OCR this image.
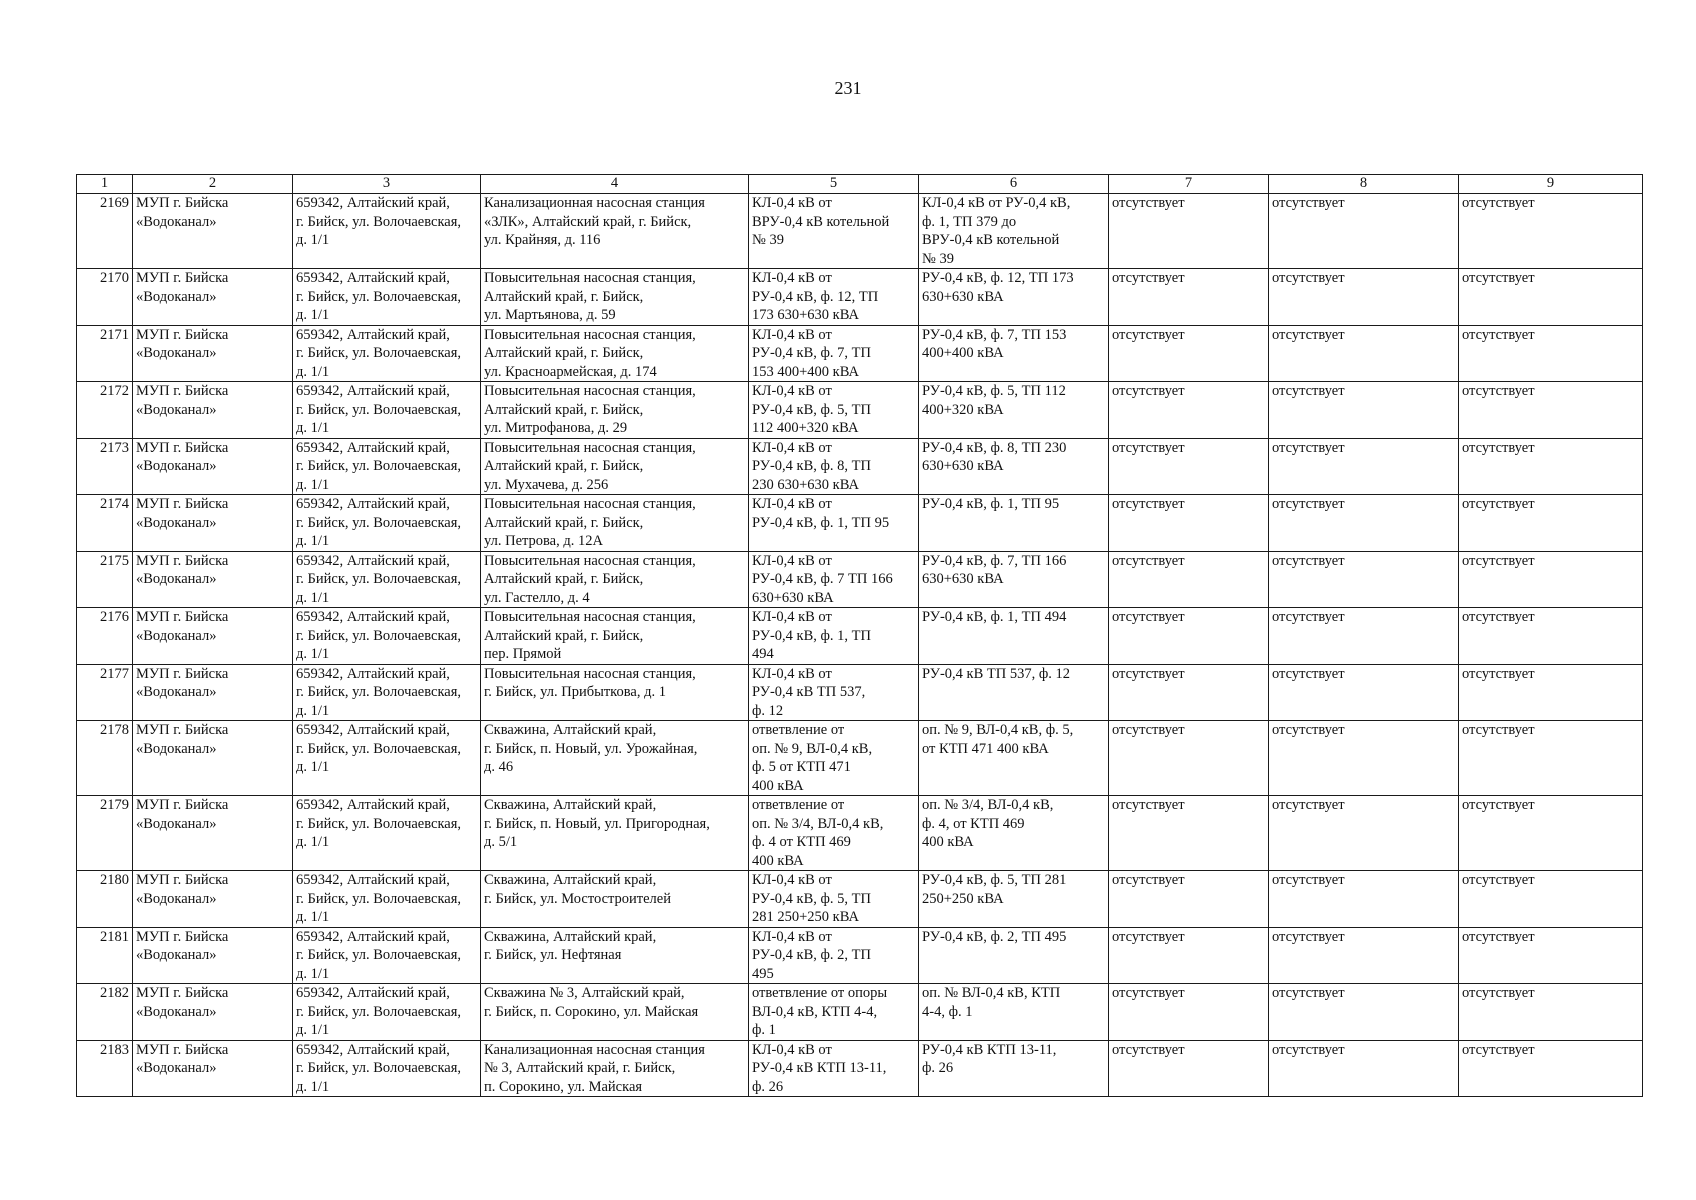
231
1	2	3	4	5	6	7	8	9
2169	МУП г. Бийска
«Водоканал»	659342, Алтайский край,
г. Бийск, ул. Волочаевская,
д. 1/1	Канализационная насосная станция
«ЗЛК», Алтайский край, г. Бийск,
ул. Крайняя, д. 116	КЛ-0,4 кВ от
ВРУ-0,4 кВ котельной
№ 39	КЛ-0,4 кВ от РУ-0,4 кВ,
ф. 1, ТП 379 до
ВРУ-0,4 кВ котельной
№ 39	отсутствует	отсутствует	отсутствует
2170	МУП г. Бийска
«Водоканал»	659342, Алтайский край,
г. Бийск, ул. Волочаевская,
д. 1/1	Повысительная насосная станция,
Алтайский край, г. Бийск,
ул. Мартьянова, д. 59	КЛ-0,4 кВ от
РУ-0,4 кВ, ф. 12, ТП
173 630+630 кВА	РУ-0,4 кВ, ф. 12, ТП 173
630+630 кВА	отсутствует	отсутствует	отсутствует
2171	МУП г. Бийска
«Водоканал»	659342, Алтайский край,
г. Бийск, ул. Волочаевская,
д. 1/1	Повысительная насосная станция,
Алтайский край, г. Бийск,
ул. Красноармейская, д. 174	КЛ-0,4 кВ от
РУ-0,4 кВ, ф. 7, ТП
153 400+400 кВА	РУ-0,4 кВ, ф. 7, ТП 153
400+400 кВА	отсутствует	отсутствует	отсутствует
2172	МУП г. Бийска
«Водоканал»	659342, Алтайский край,
г. Бийск, ул. Волочаевская,
д. 1/1	Повысительная насосная станция,
Алтайский край, г. Бийск,
ул. Митрофанова, д. 29	КЛ-0,4 кВ от
РУ-0,4 кВ, ф. 5, ТП
112 400+320 кВА	РУ-0,4 кВ, ф. 5, ТП 112
400+320 кВА	отсутствует	отсутствует	отсутствует
2173	МУП г. Бийска
«Водоканал»	659342, Алтайский край,
г. Бийск, ул. Волочаевская,
д. 1/1	Повысительная насосная станция,
Алтайский край, г. Бийск,
ул. Мухачева, д. 256	КЛ-0,4 кВ от
РУ-0,4 кВ, ф. 8, ТП
230 630+630 кВА	РУ-0,4 кВ, ф. 8, ТП 230
630+630 кВА	отсутствует	отсутствует	отсутствует
2174	МУП г. Бийска
«Водоканал»	659342, Алтайский край,
г. Бийск, ул. Волочаевская,
д. 1/1	Повысительная насосная станция,
Алтайский край, г. Бийск,
ул. Петрова, д. 12А	КЛ-0,4 кВ от
РУ-0,4 кВ, ф. 1, ТП 95	РУ-0,4 кВ, ф. 1, ТП 95	отсутствует	отсутствует	отсутствует
2175	МУП г. Бийска
«Водоканал»	659342, Алтайский край,
г. Бийск, ул. Волочаевская,
д. 1/1	Повысительная насосная станция,
Алтайский край, г. Бийск,
ул. Гастелло, д. 4	КЛ-0,4 кВ от
РУ-0,4 кВ, ф. 7 ТП 166
630+630 кВА	РУ-0,4 кВ, ф. 7, ТП 166
630+630 кВА	отсутствует	отсутствует	отсутствует
2176	МУП г. Бийска
«Водоканал»	659342, Алтайский край,
г. Бийск, ул. Волочаевская,
д. 1/1	Повысительная насосная станция,
Алтайский край, г. Бийск,
пер. Прямой	КЛ-0,4 кВ от
РУ-0,4 кВ, ф. 1, ТП
494	РУ-0,4 кВ, ф. 1, ТП 494	отсутствует	отсутствует	отсутствует
2177	МУП г. Бийска
«Водоканал»	659342, Алтайский край,
г. Бийск, ул. Волочаевская,
д. 1/1	Повысительная насосная станция,
г. Бийск, ул. Прибыткова, д. 1	КЛ-0,4 кВ от
РУ-0,4 кВ ТП 537,
ф. 12	РУ-0,4 кВ ТП 537, ф. 12	отсутствует	отсутствует	отсутствует
2178	МУП г. Бийска
«Водоканал»	659342, Алтайский край,
г. Бийск, ул. Волочаевская,
д. 1/1	Скважина, Алтайский край,
г. Бийск, п. Новый, ул. Урожайная,
д. 46	ответвление от
оп. № 9, ВЛ-0,4 кВ,
ф. 5 от КТП 471
400 кВА	оп. № 9, ВЛ-0,4 кВ, ф. 5,
от КТП 471 400 кВА	отсутствует	отсутствует	отсутствует
2179	МУП г. Бийска
«Водоканал»	659342, Алтайский край,
г. Бийск, ул. Волочаевская,
д. 1/1	Скважина, Алтайский край,
г. Бийск, п. Новый, ул. Пригородная,
д. 5/1	ответвление от
оп. № 3/4, ВЛ-0,4 кВ,
ф. 4 от КТП 469
400 кВА	оп. № 3/4, ВЛ-0,4 кВ,
ф. 4, от КТП 469
400 кВА	отсутствует	отсутствует	отсутствует
2180	МУП г. Бийска
«Водоканал»	659342, Алтайский край,
г. Бийск, ул. Волочаевская,
д. 1/1	Скважина, Алтайский край,
г. Бийск, ул. Мостостроителей	КЛ-0,4 кВ от
РУ-0,4 кВ, ф. 5, ТП
281 250+250 кВА	РУ-0,4 кВ, ф. 5, ТП 281
250+250 кВА	отсутствует	отсутствует	отсутствует
2181	МУП г. Бийска
«Водоканал»	659342, Алтайский край,
г. Бийск, ул. Волочаевская,
д. 1/1	Скважина, Алтайский край,
г. Бийск, ул. Нефтяная	КЛ-0,4 кВ от
РУ-0,4 кВ, ф. 2, ТП
495	РУ-0,4 кВ, ф. 2, ТП 495	отсутствует	отсутствует	отсутствует
2182	МУП г. Бийска
«Водоканал»	659342, Алтайский край,
г. Бийск, ул. Волочаевская,
д. 1/1	Скважина № 3, Алтайский край,
г. Бийск, п. Сорокино, ул. Майская	ответвление от опоры
ВЛ-0,4 кВ, КТП 4-4,
ф. 1	оп. № ВЛ-0,4 кВ, КТП
4-4, ф. 1	отсутствует	отсутствует	отсутствует
2183	МУП г. Бийска
«Водоканал»	659342, Алтайский край,
г. Бийск, ул. Волочаевская,
д. 1/1	Канализационная насосная станция
№ 3, Алтайский край, г. Бийск,
п. Сорокино, ул. Майская	КЛ-0,4 кВ от
РУ-0,4 кВ КТП 13-11,
ф. 26	РУ-0,4 кВ КТП 13-11,
ф. 26	отсутствует	отсутствует	отсутствует
